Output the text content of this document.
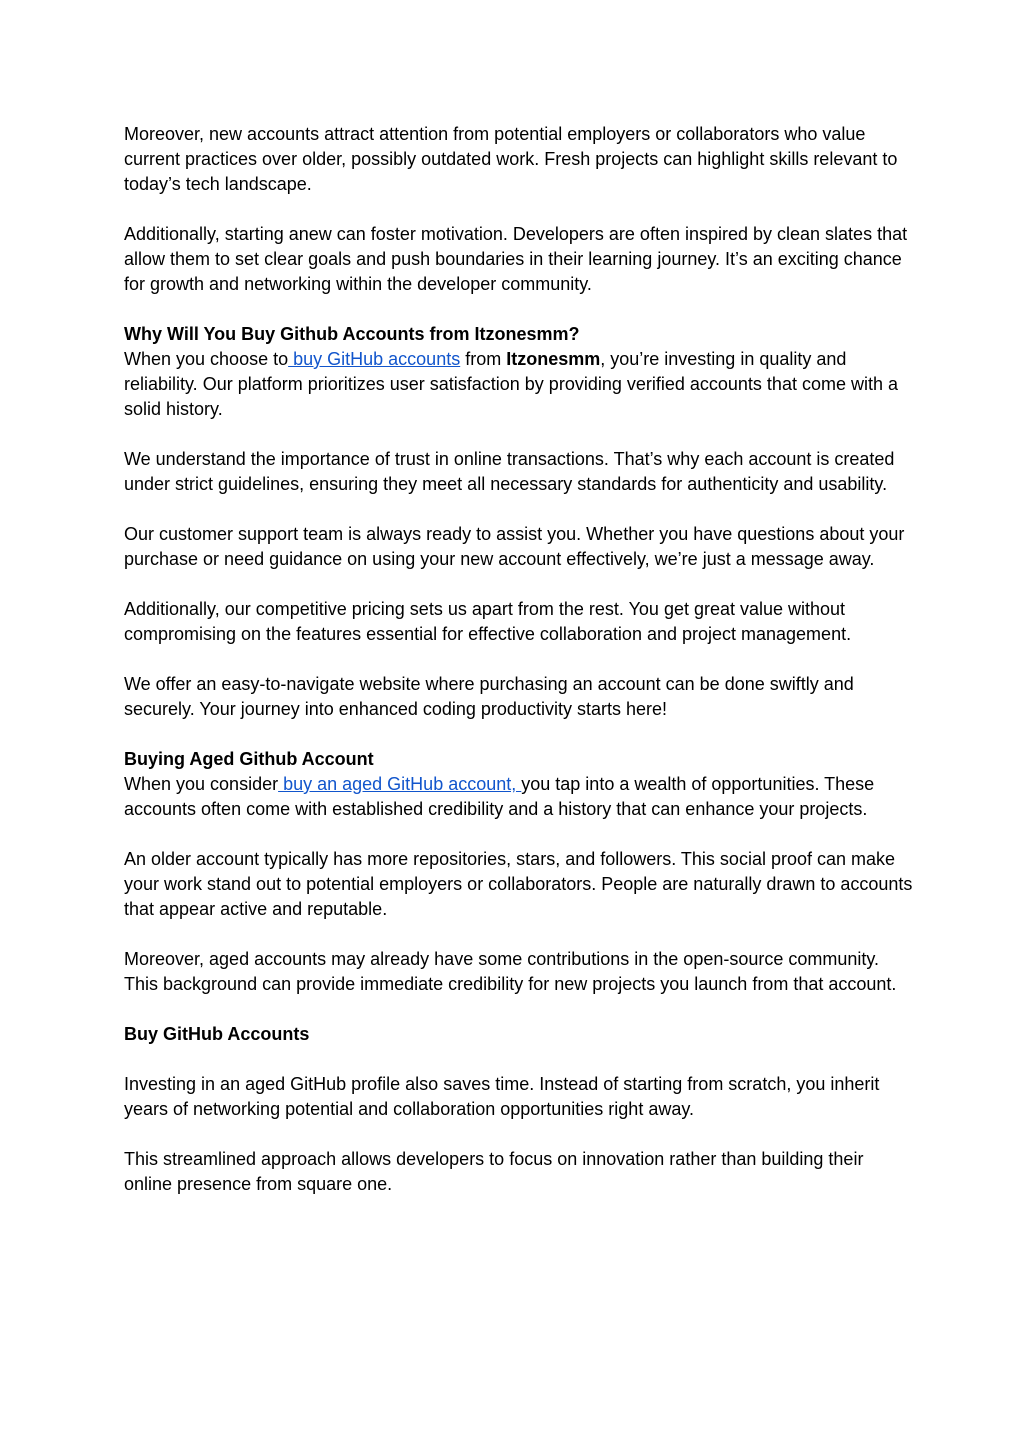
Moreover, new accounts attract attention from potential employers or collaborators who value current practices over older, possibly outdated work. Fresh projects can highlight skills relevant to today’s tech landscape.

Additionally, starting anew can foster motivation. Developers are often inspired by clean slates that allow them to set clear goals and push boundaries in their learning journey. It’s an exciting chance for growth and networking within the developer community.

Why Will You Buy Github Accounts from Itzonesmm?

When you choose to buy GitHub accounts from Itzonesmm, you’re investing in quality and reliability. Our platform prioritizes user satisfaction by providing verified accounts that come with a solid history.

We understand the importance of trust in online transactions. That’s why each account is created under strict guidelines, ensuring they meet all necessary standards for authenticity and usability.

Our customer support team is always ready to assist you. Whether you have questions about your purchase or need guidance on using your new account effectively, we’re just a message away.

Additionally, our competitive pricing sets us apart from the rest. You get great value without compromising on the features essential for effective collaboration and project management.

We offer an easy-to-navigate website where purchasing an account can be done swiftly and securely. Your journey into enhanced coding productivity starts here!

Buying Aged Github Account

When you consider buy an aged GitHub account, you tap into a wealth of opportunities. These accounts often come with established credibility and a history that can enhance your projects.

An older account typically has more repositories, stars, and followers. This social proof can make your work stand out to potential employers or collaborators. People are naturally drawn to accounts that appear active and reputable.

Moreover, aged accounts may already have some contributions in the open-source community. This background can provide immediate credibility for new projects you launch from that account.

Buy GitHub Accounts

Investing in an aged GitHub profile also saves time. Instead of starting from scratch, you inherit years of networking potential and collaboration opportunities right away.

This streamlined approach allows developers to focus on innovation rather than building their online presence from square one.
